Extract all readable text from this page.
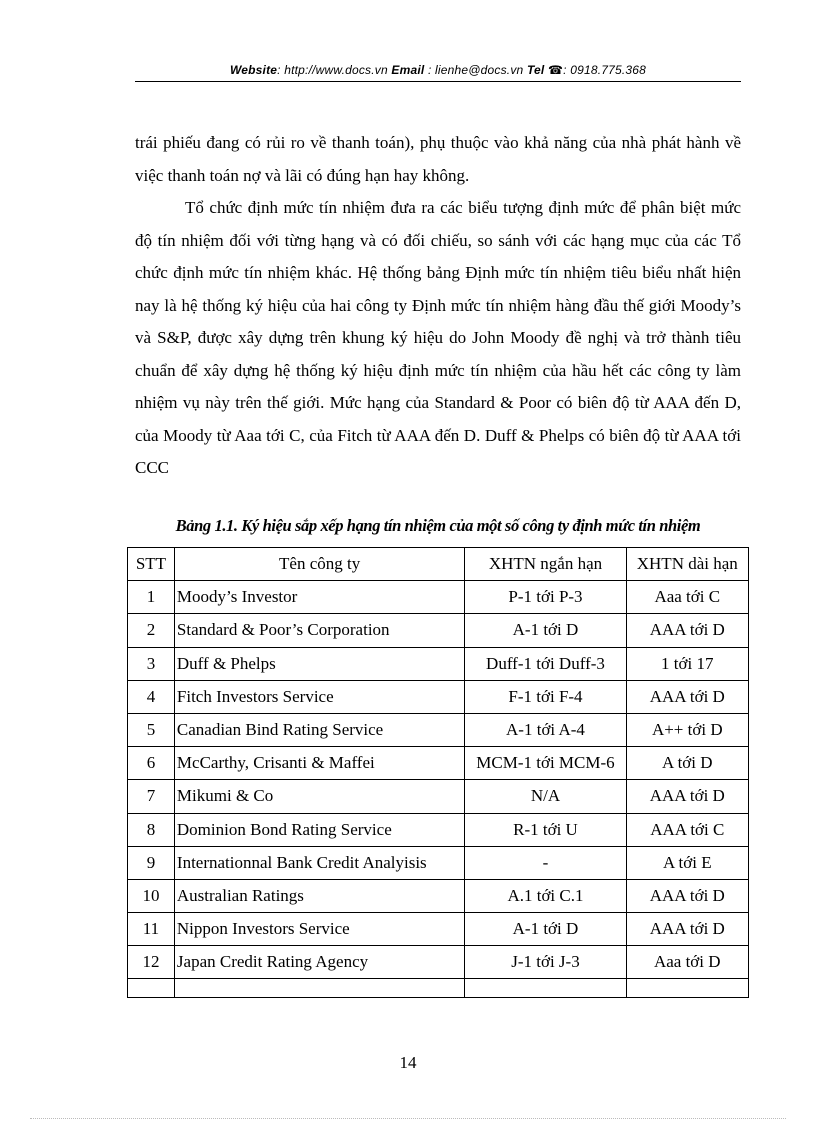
Website: http://www.docs.vn Email : lienhe@docs.vn Tel ☎: 0918.775.368
trái phiếu đang có rủi ro về thanh toán), phụ thuộc vào khả năng của nhà phát hành về việc thanh toán nợ và lãi có đúng hạn hay không.
Tổ chức định mức tín nhiệm đưa ra các biểu tượng định mức để phân biệt mức độ tín nhiệm đối với từng hạng và có đối chiếu, so sánh với các hạng mục của các Tổ chức định mức tín nhiệm khác. Hệ thống bảng Định mức tín nhiệm tiêu biểu nhất hiện nay là hệ thống ký hiệu của hai công ty Định mức tín nhiệm hàng đầu thế giới Moody’s và S&P, được xây dựng trên khung ký hiệu do John Moody đề nghị và trở thành tiêu chuẩn để xây dựng hệ thống ký hiệu định mức tín nhiệm của hầu hết các công ty làm nhiệm vụ này trên thế giới. Mức hạng của Standard & Poor có biên độ từ AAA đến D, của Moody từ Aaa tới C, của Fitch từ AAA đến D. Duff & Phelps có biên độ từ AAA tới CCC
Bảng 1.1. Ký hiệu sắp xếp hạng tín nhiệm của một số công ty định mức tín nhiệm
STT	Tên công ty	XHTN ngắn hạn	XHTN dài hạn
1	Moody’s Investor	P-1 tới P-3	Aaa tới C
2	Standard & Poor’s Corporation	A-1 tới D	AAA tới D
3	Duff & Phelps	Duff-1 tới Duff-3	1 tới 17
4	Fitch Investors Service	F-1 tới F-4	AAA tới D
5	Canadian Bind Rating Service	A-1 tới A-4	A++ tới D
6	McCarthy, Crisanti & Maffei	MCM-1 tới MCM-6	A tới D
7	Mikumi & Co	N/A	AAA tới D
8	Dominion Bond Rating Service	R-1 tới U	AAA tới C
9	Internationnal Bank Credit Analyisis	-	A tới E
10	Australian Ratings	A.1 tới C.1	AAA tới D
11	Nippon Investors Service	A-1 tới D	AAA tới D
12	Japan Credit Rating Agency	J-1 tới J-3	Aaa tới D

14
